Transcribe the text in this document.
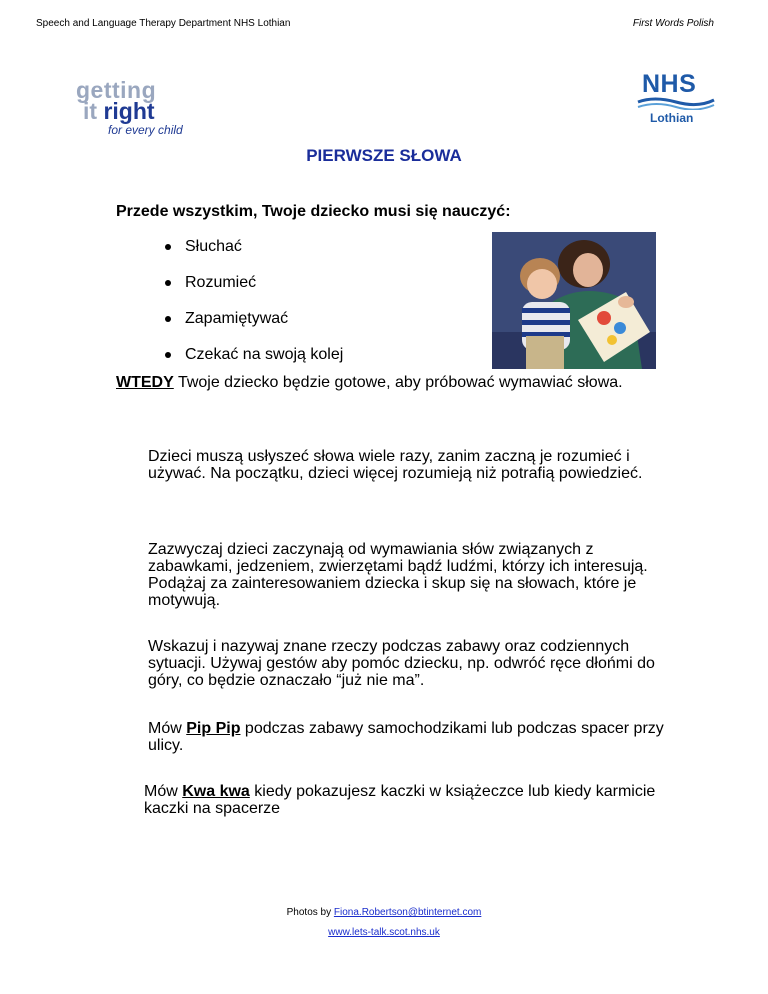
Speech and Language Therapy Department NHS Lothian	First Words Polish
getting
it right
for every child
NHS
Lothian
PIERWSZE SŁOWA
Przede wszystkim, Twoje dziecko musi się nauczyć:
Słuchać
Rozumieć
Zapamiętywać
Czekać na swoją kolej
WTEDY Twoje dziecko będzie gotowe, aby próbować wymawiać słowa.
Dzieci muszą usłyszeć słowa wiele razy, zanim zaczną je rozumieć i używać. Na początku, dzieci więcej rozumieją niż potrafią powiedzieć.
Zazwyczaj dzieci zaczynają od wymawiania słów związanych z zabawkami, jedzeniem, zwierzętami bądź ludźmi, którzy ich interesują. Podążaj za zainteresowaniem dziecka i skup się na słowach, które je motywują.
Wskazuj i nazywaj znane rzeczy podczas zabawy oraz codziennych sytuacji. Używaj gestów aby pomóc dziecku, np. odwróć ręce dłońmi do góry, co będzie oznaczało “już nie ma”.
Mów Pip Pip podczas zabawy samochodzikami lub podczas spacer przy ulicy.
Mów Kwa kwa kiedy pokazujesz kaczki w książeczce lub kiedy karmicie kaczki na spacerze
Photos by Fiona.Robertson@btinternet.com
www.lets-talk.scot.nhs.uk
